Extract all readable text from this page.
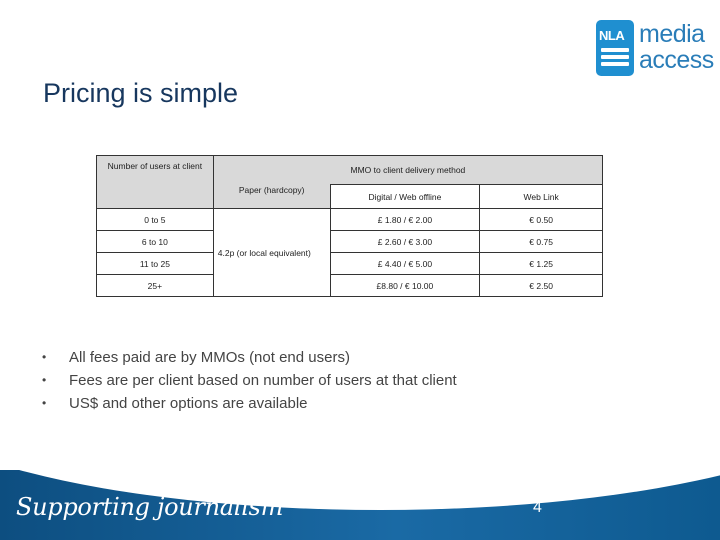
NLA media
access
Pricing is simple
Number of users at client	MMO to client delivery method		
	Paper (hardcopy)	Digital / Web offline	Web Link
0 to 5	4.2p (or local equivalent)	£ 1.80 / € 2.00	€ 0.50
6 to 10		£ 2.60 / € 3.00	€ 0.75
11 to 25		£ 4.40 / € 5.00	€ 1.25
25+		£8.80 / € 10.00	€ 2.50
•	All fees paid are by MMOs (not end users)
•	Fees are per client based on number of users at that client
•	US$ and other options are available
Supporting journalism	4
